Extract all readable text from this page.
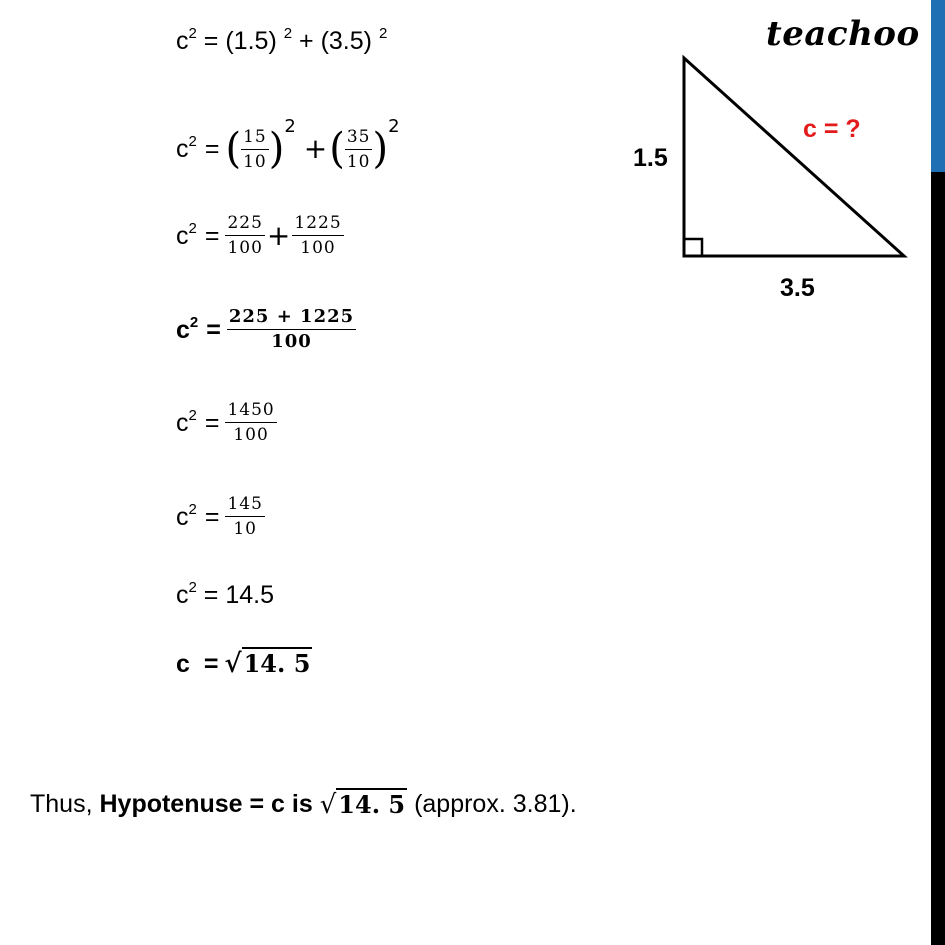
teachoo
$c^2 = (1.5) ^2 + (3.5)$ $^2$
$c^2$ = ( $\frac{15}{10} )^2+( \frac{35}{10} )^2$
$c^2 = \frac{225}{100} + \frac{1225}{100}$
$c^2 = \frac{225 + 1225}{100}$
$c^2 = \frac{1450}{100}$
$c^2 = \frac{145}{10}$
$c^2 = 14.5$
c = √14. 5
Thus, Hypotenuse = c is √14. 5 (approx. 3.81).
1.5
3.5
c = ?
